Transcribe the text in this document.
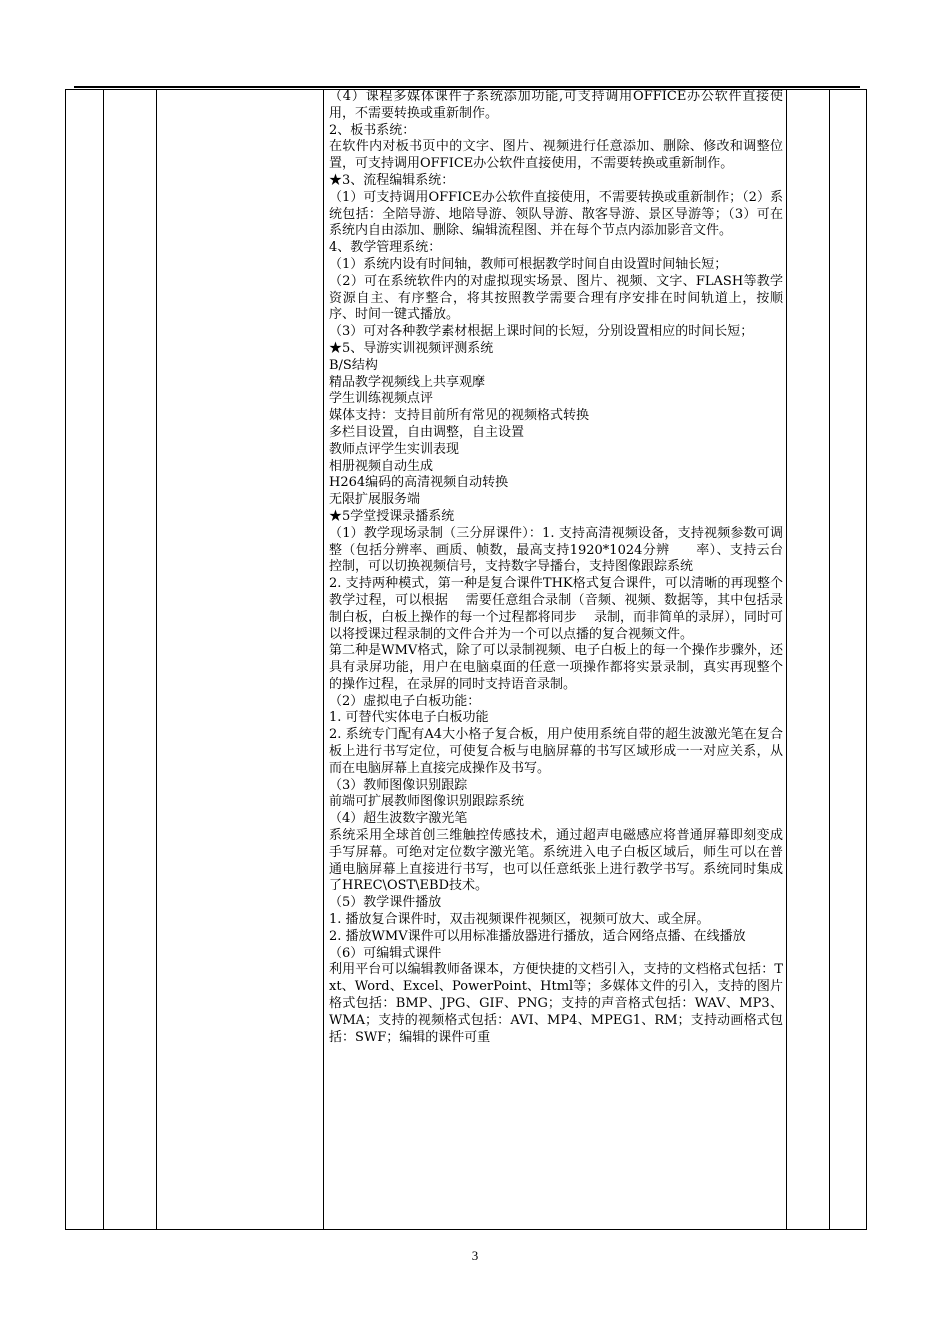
（4）课程多媒体课件子系统添加功能,可支持调用OFFICE办公软件直接使用，不需要转换或重新制作。
2、板书系统：
在软件内对板书页中的文字、图片、视频进行任意添加、删除、修改和调整位置，可支持调用OFFICE办公软件直接使用，不需要转换或重新制作。
★3、流程编辑系统：
（1）可支持调用OFFICE办公软件直接使用，不需要转换或重新制作；（2）系统包括：全陪导游、地陪导游、领队导游、散客导游、景区导游等；（3）可在系统内自由添加、删除、编辑流程图、并在每个节点内添加影音文件。
4、教学管理系统：
（1）系统内设有时间轴，教师可根据教学时间自由设置时间轴长短；
（2）可在系统软件内的对虚拟现实场景、图片、视频、文字、FLASH等教学资源自主、有序整合，将其按照教学需要合理有序安排在时间轨道上，按顺序、时间一键式播放。
（3）可对各种教学素材根据上课时间的长短，分别设置相应的时间长短；
★5、导游实训视频评测系统
B/S结构
精品教学视频线上共享观摩
学生训练视频点评
媒体支持：支持目前所有常见的视频格式转换
多栏目设置，自由调整，自主设置
教师点评学生实训表现
相册视频自动生成
H264编码的高清视频自动转换
无限扩展服务端
★5学堂授课录播系统
（1）教学现场录制（三分屏课件）：1. 支持高清视频设备，支持视频参数可调整（包括分辨率、画质、帧数，最高支持1920*1024分辨　　率）、支持云台控制，可以切换视频信号，支持数字导播台，支持图像跟踪系统
2. 支持两种模式，第一种是复合课件THK格式复合课件，可以清晰的再现整个教学过程，可以根据　 需要任意组合录制（音频、视频、数据等，其中包括录制白板，白板上操作的每一个过程都将同步　 录制，而非简单的录屏），同时可以将授课过程录制的文件合并为一个可以点播的复合视频文件。
第二种是WMV格式，除了可以录制视频、电子白板上的每一个操作步骤外，还具有录屏功能，用户在电脑桌面的任意一项操作都将实景录制，真实再现整个的操作过程，在录屏的同时支持语音录制。
（2）虚拟电子白板功能：
1. 可替代实体电子白板功能
2. 系统专门配有A4大小格子复合板，用户使用系统自带的超生波激光笔在复合板上进行书写定位，可使复合板与电脑屏幕的书写区域形成一一对应关系，从而在电脑屏幕上直接完成操作及书写。
（3）教师图像识别跟踪
前端可扩展教师图像识别跟踪系统
（4）超生波数字激光笔
系统采用全球首创三维触控传感技术，通过超声电磁感应将普通屏幕即刻变成手写屏幕。可绝对定位数字激光笔。系统进入电子白板区域后，师生可以在普通电脑屏幕上直接进行书写，也可以任意纸张上进行教学书写。系统同时集成了HREC\OST\EBD技术。
（5）教学课件播放
1. 播放复合课件时，双击视频课件视频区，视频可放大、或全屏。
2. 播放WMV课件可以用标准播放器进行播放，适合网络点播、在线播放
（6）可编辑式课件
利用平台可以编辑教师备课本，方便快捷的文档引入，支持的文档格式包括：Txt、Word、Excel、PowerPoint、Html等；多媒体文件的引入，支持的图片格式包括：BMP、JPG、GIF、PNG；支持的声音格式包括：WAV、MP3、WMA；支持的视频格式包括：AVI、MP4、MPEG1、RM；支持动画格式包括：SWF；编辑的课件可重
3
